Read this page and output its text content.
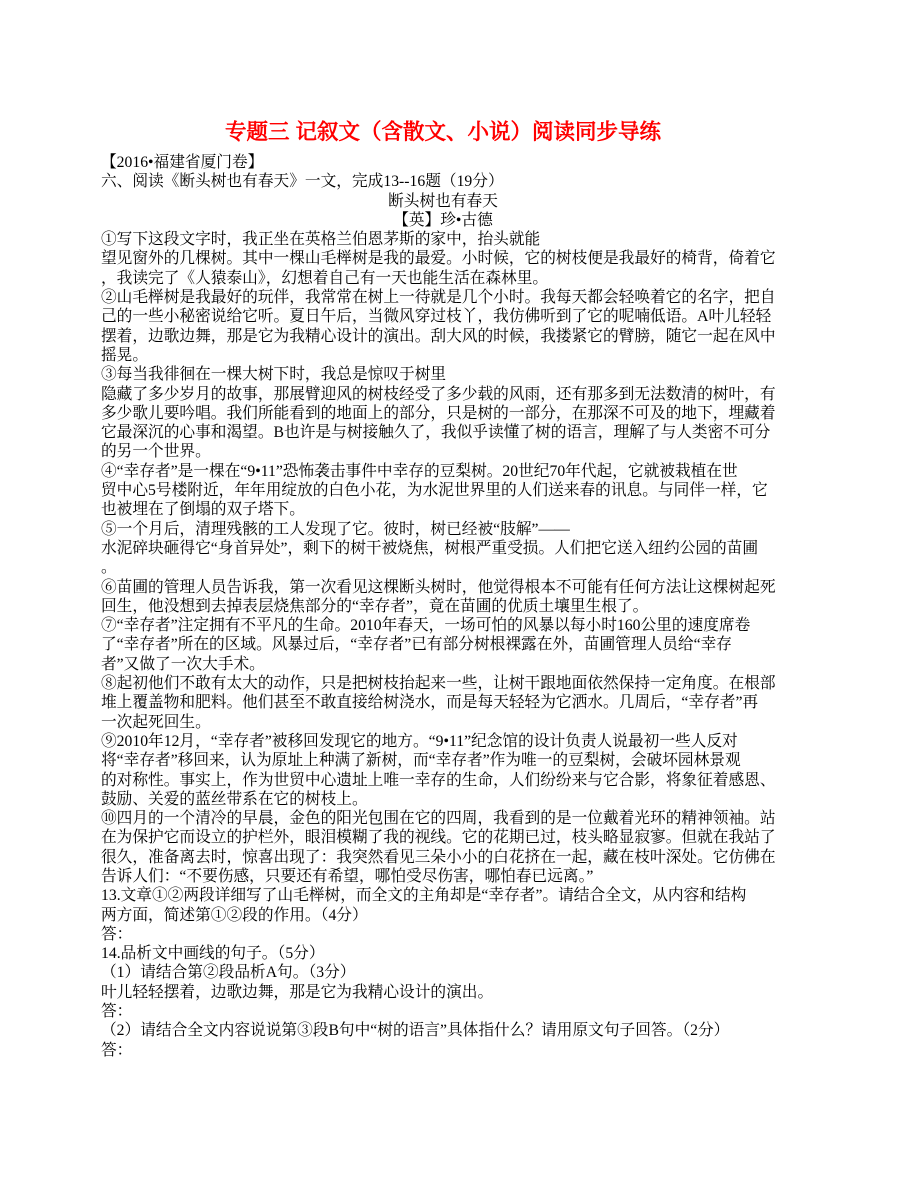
专题三 记叙文（含散文、小说）阅读同步导练
【2016•福建省厦门卷】
六、阅读《断头树也有春天》一文，完成13--16题（19分）
断头树也有春天
【英】珍•古德
①写下这段文字时，我正坐在英格兰伯恩茅斯的家中，抬头就能
望见窗外的几棵树。其中一棵山毛榉树是我的最爱。小时候，它的树枝便是我最好的椅背，倚着它
，我读完了《人猿泰山》，幻想着自己有一天也能生活在森林里。
②山毛榉树是我最好的玩伴，我常常在树上一待就是几个小时。我每天都会轻唤着它的名字，把自
己的一些小秘密说给它听。夏日午后，当微风穿过枝丫，我仿佛听到了它的呢喃低语。A叶儿轻轻
摆着，边歌边舞，那是它为我精心设计的演出。刮大风的时候，我搂紧它的臂膀，随它一起在风中
摇晃。
③每当我徘徊在一棵大树下时，我总是惊叹于树里
隐藏了多少岁月的故事，那展臂迎风的树枝经受了多少载的风雨，还有那多到无法数清的树叶，有
多少歌儿要吟唱。我们所能看到的地面上的部分，只是树的一部分，在那深不可及的地下，埋藏着
它最深沉的心事和渴望。B也许是与树接触久了，我似乎读懂了树的语言，理解了与人类密不可分
的另一个世界。
④“幸存者”是一棵在“9•11”恐怖袭击事件中幸存的豆梨树。20世纪70年代起，它就被栽植在世
贸中心5号楼附近，年年用绽放的白色小花，为水泥世界里的人们送来春的讯息。与同伴一样，它
也被埋在了倒塌的双子塔下。
⑤一个月后，清理残骸的工人发现了它。彼时，树已经被“肢解”——
水泥碎块砸得它“身首异处”，剩下的树干被烧焦，树根严重受损。人们把它送入纽约公园的苗圃
。
⑥苗圃的管理人员告诉我，第一次看见这棵断头树时，他觉得根本不可能有任何方法让这棵树起死
回生，他没想到去掉表层烧焦部分的“幸存者”，竟在苗圃的优质土壤里生根了。
⑦“幸存者”注定拥有不平凡的生命。2010年春天，一场可怕的风暴以每小时160公里的速度席卷
了“幸存者”所在的区域。风暴过后，“幸存者”已有部分树根裸露在外，苗圃管理人员给“幸存
者”又做了一次大手术。
⑧起初他们不敢有太大的动作，只是把树枝抬起来一些，让树干跟地面依然保持一定角度。在根部
堆上覆盖物和肥料。他们甚至不敢直接给树浇水，而是每天轻轻为它洒水。几周后，“幸存者”再
一次起死回生。
⑨2010年12月，“幸存者”被移回发现它的地方。“9•11”纪念馆的设计负责人说最初一些人反对
将“幸存者”移回来，认为原址上种满了新树，而“幸存者”作为唯一的豆梨树，会破坏园林景观
的对称性。事实上，作为世贸中心遗址上唯一幸存的生命，人们纷纷来与它合影，将象征着感恩、
鼓励、关爱的蓝丝带系在它的树枝上。
⑩四月的一个清冷的早晨，金色的阳光包围在它的四周，我看到的是一位戴着光环的精神领袖。站
在为保护它而设立的护栏外，眼泪模糊了我的视线。它的花期已过，枝头略显寂寥。但就在我站了
很久，准备离去时，惊喜出现了：我突然看见三朵小小的白花挤在一起，藏在枝叶深处。它仿佛在
告诉人们：“不要伤感，只要还有希望，哪怕受尽伤害，哪怕春已远离。”
13.文章①②两段详细写了山毛榉树，而全文的主角却是“幸存者”。请结合全文，从内容和结构
两方面，简述第①②段的作用。（4分）
答：
14.品析文中画线的句子。（5分）
（1）请结合第②段品析A句。（3分）
叶儿轻轻摆着，边歌边舞，那是它为我精心设计的演出。
答：
（2）请结合全文内容说说第③段B句中“树的语言”具体指什么？请用原文句子回答。（2分）
答：
